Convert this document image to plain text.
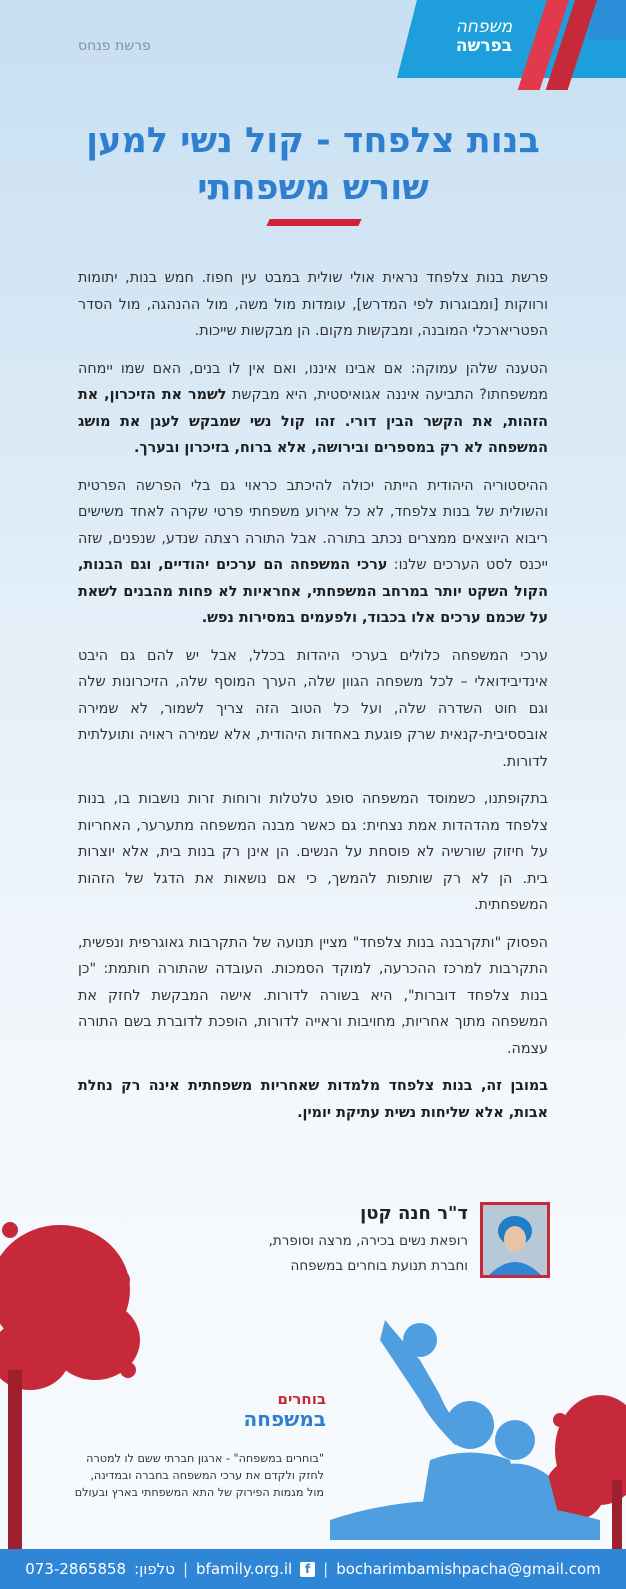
משפחה
בפרשה
פרשת פנחס
בנות צלפחד - קול נשי למען
שורש משפחתי

פרשת בנות צלפחד נראית אולי שולית במבט עין חפוז. חמש בנות, יתומות ורווקות [ומבוגרות לפי המדרש], עומדות מול משה, מול ההנהגה, מול הסדר הפטריארכלי המובנה, ומבקשות מקום. הן מבקשות שייכות.

הטענה שלהן עמוקה: אם אבינו איננו, ואם אין לו בנים, האם שמו יימחה ממשפחתו? התביעה איננה אגואיסטית, היא מבקשת לשמר את הזיכרון, את הזהות, את הקשר הבין דורי. זהו קול נשי שמבקש לעגן את מושג המשפחה לא רק במספרים ובירושה, אלא ברוח, בזיכרון ובערך.

ההיסטוריה היהודית הייתה יכולה להיכתב כראוי גם בלי הפרשה הפרטית והשולית של בנות צלפחד, לא כל אירוע משפחתי פרטי שקרה לאחד משישים ריבוא היוצאים ממצרים נכתב בתורה. אבל התורה רצתה שנדע, שנפנים, שזה ייכנס לסט הערכים שלנו: ערכי המשפחה הם ערכים יהודיים, וגם הבנות, הקול השקט יותר במרחב המשפחתי, אחראיות לא פחות מהבנים לשאת על שכמם ערכים אלו בכבוד, ולפעמים במסירות נפש.

ערכי המשפחה כלולים בערכי היהדות בכלל, אבל יש להם גם היבט אינדיבידואלי – לכל משפחה הגוון שלה, הערך המוסף שלה, הזיכרונות שלה וגם חוט השדרה שלה, ועל כל הטוב הזה צריך לשמור, לא שמירה אובססיבית-קנאית שרק פוגעת באחדות היהודית, אלא שמירה ראויה ותועלתית לדורות.

בתקופתנו, כשמוסד המשפחה סופג טלטלות ורוחות זרות נושבות בו, בנות צלפחד מהדהדות אמת נצחית: גם כאשר מבנה המשפחה מתערער, האחריות על חיזוק שורשיה לא פוסחת על הנשים. הן אינן רק בנות בית, אלא יוצרות בית. הן לא רק שותפות להמשך, כי אם נושאות את הדגל של הזהות המשפחתית.

הפסוק "ותקרבנה בנות צלפחד" מציין תנועה של התקרבות גאוגרפית ונפשית, התקרבות למרכז ההכרעה, למוקד הסמכות. העובדה שהתורה חותמת: "כן בנות צלפחד דוברות", היא בשורה לדורות. אישה המבקשת לחזק את המשפחה מתוך אחריות, מחויבות וראייה לדורות, הופכת לדוברת בשם התורה עצמה.

במובן זה, בנות צלפחד מלמדות שאחריות משפחתית אינה רק נחלת אבות, אלא שליחות נשית עתיקת יומין.

ד"ר חנה קטן
רופאת נשים בכירה, מרצה וסופרת,
וחברת תנועת בוחרים במשפחה
בוחרים
במשפחה
"בוחרים במשפחה" - ארגון חברתי ששם לו למטרה
לחזק ולקדם את ערכי המשפחה בחברה ובמדינה,
מול מגמות הפירוק של התא המשפחתי בארץ ובעולם
073-2865858 טלפון: | bfamily.org.il	f | bocharimbamishpacha@gmail.com
